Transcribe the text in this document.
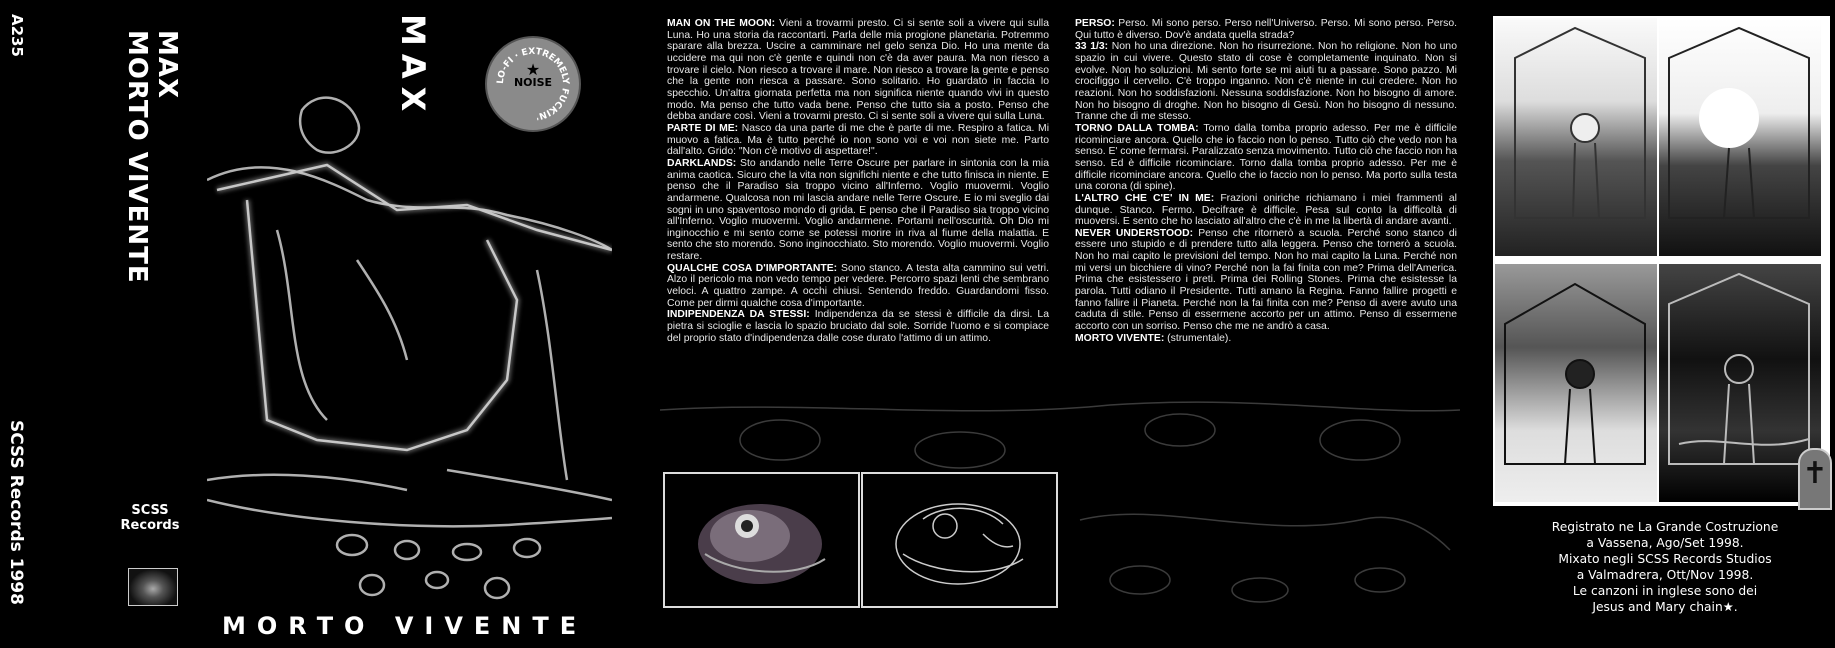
A235
SCSS Records 1998
MAX
MORTO VIVENTE
SCSS
Records
MAX	LO-FI · EXTREMELY FUCKIN'
★
NOISE
MORTO VIVENTE

MAN ON THE MOON: Vieni a trovarmi presto. Ci si sente soli a vivere qui sulla Luna. Ho una storia da raccontarti. Parla delle mia progione planetaria. Potremmo sparare alla brezza. Uscire a camminare nel gelo senza Dio. Ho una mente da uccidere ma qui non c'è gente e quindi non c'è da aver paura. Ma non riesco a trovare il cielo. Non riesco a trovare il mare. Non riesco a trovare la gente e penso che la gente non riesca a passare. Sono solitario. Ho guardato in faccia lo specchio. Un'altra giornata perfetta ma non significa niente quando vivi in questo modo. Ma penso che tutto vada bene. Penso che tutto sia a posto. Penso che debba andare così. Vieni a trovarmi presto. Ci si sente soli a vivere qui sulla Luna.

PARTE DI ME: Nasco da una parte di me che è parte di me. Respiro a fatica. Mi muovo a fatica. Ma è tutto perché io non sono voi e voi non siete me. Parto dall'alto. Grido: "Non c'è motivo di aspettare!".

DARKLANDS: Sto andando nelle Terre Oscure per parlare in sintonia con la mia anima caotica. Sicuro che la vita non significhi niente e che tutto finisca in niente. E penso che il Paradiso sia troppo vicino all'Inferno. Voglio muovermi. Voglio andarmene. Qualcosa non mi lascia andare nelle Terre Oscure. E io mi sveglio dai sogni in uno spaventoso mondo di grida. E penso che il Paradiso sia troppo vicino all'Inferno. Voglio muovermi. Voglio andarmene. Portami nell'oscurità. Oh Dio mi inginocchio e mi sento come se potessi morire in riva al fiume della malattia. E sento che sto morendo. Sono inginocchiato. Sto morendo. Voglio muovermi. Voglio restare.

QUALCHE COSA D'IMPORTANTE: Sono stanco. A testa alta cammino sui vetri. Alzo il pericolo ma non vedo tempo per vedere. Percorro spazi lenti che sembrano veloci. A quattro zampe. A occhi chiusi. Sentendo freddo. Guardandomi fisso. Come per dirmi qualche cosa d'importante.

INDIPENDENZA DA STESSI: Indipendenza da se stessi è difficile da dirsi. La pietra si scioglie e lascia lo spazio bruciato dal sole. Sorride l'uomo e si compiace del proprio stato d'indipendenza dalle cose durato l'attimo di un attimo.

PERSO: Perso. Mi sono perso. Perso nell'Universo. Perso. Mi sono perso. Perso. Qui tutto è diverso. Dov'è andata quella strada?

33 1/3: Non ho una direzione. Non ho risurrezione. Non ho religione. Non ho uno spazio in cui vivere. Questo stato di cose è completamente inquinato. Non si evolve. Non ho soluzioni. Mi sento forte se mi aiuti tu a passare. Sono pazzo. Mi crocifiggo il cervello. C'è troppo inganno. Non c'è niente in cui credere. Non ho reazioni. Non ho soddisfazioni. Nessuna soddisfazione. Non ho bisogno di amore. Non ho bisogno di droghe. Non ho bisogno di Gesù. Non ho bisogno di nessuno. Tranne che di me stesso.

TORNO DALLA TOMBA: Torno dalla tomba proprio adesso. Per me è difficile ricominciare ancora. Quello che io faccio non lo penso. Tutto ciò che vedo non ha senso. E' come fermarsi. Paralizzato senza movimento. Tutto ciò che faccio non ha senso. Ed è difficile ricominciare. Torno dalla tomba proprio adesso. Per me è difficile ricominciare ancora. Quello che io faccio non lo penso. Ma porto sulla testa una corona (di spine).

L'ALTRO CHE C'E' IN ME: Frazioni oniriche richiamano i miei frammenti al dunque. Stanco. Fermo. Decifrare è difficile. Pesa sul conto la difficoltà di muoversi. E sento che ho lasciato all'altro che c'è in me la libertà di andare avanti.

NEVER UNDERSTOOD: Penso che ritornerò a scuola. Perché sono stanco di essere uno stupido e di prendere tutto alla leggera. Penso che tornerò a scuola. Non ho mai capito le previsioni del tempo. Non ho mai capito la Luna. Perché non mi versi un bicchiere di vino? Perché non la fai finita con me? Prima dell'America. Prima che esistessero i preti. Prima dei Rolling Stones. Prima che esistesse la parola. Tutti odiano il Presidente. Tutti amano la Regina. Fanno fallire progetti e fanno fallire il Pianeta. Perché non la fai finita con me? Penso di avere avuto una caduta di stile. Penso di essermene accorto per un attimo. Penso di essermene accorto con un sorriso. Penso che me ne andrò a casa.

MORTO VIVENTE: (strumentale).

✝
Registrato ne La Grande Costruzione
a Vassena, Ago/Set 1998.
Mixato negli SCSS Records Studios
a Valmadrera, Ott/Nov 1998.
Le canzoni in inglese sono dei
Jesus and Mary chain★.
